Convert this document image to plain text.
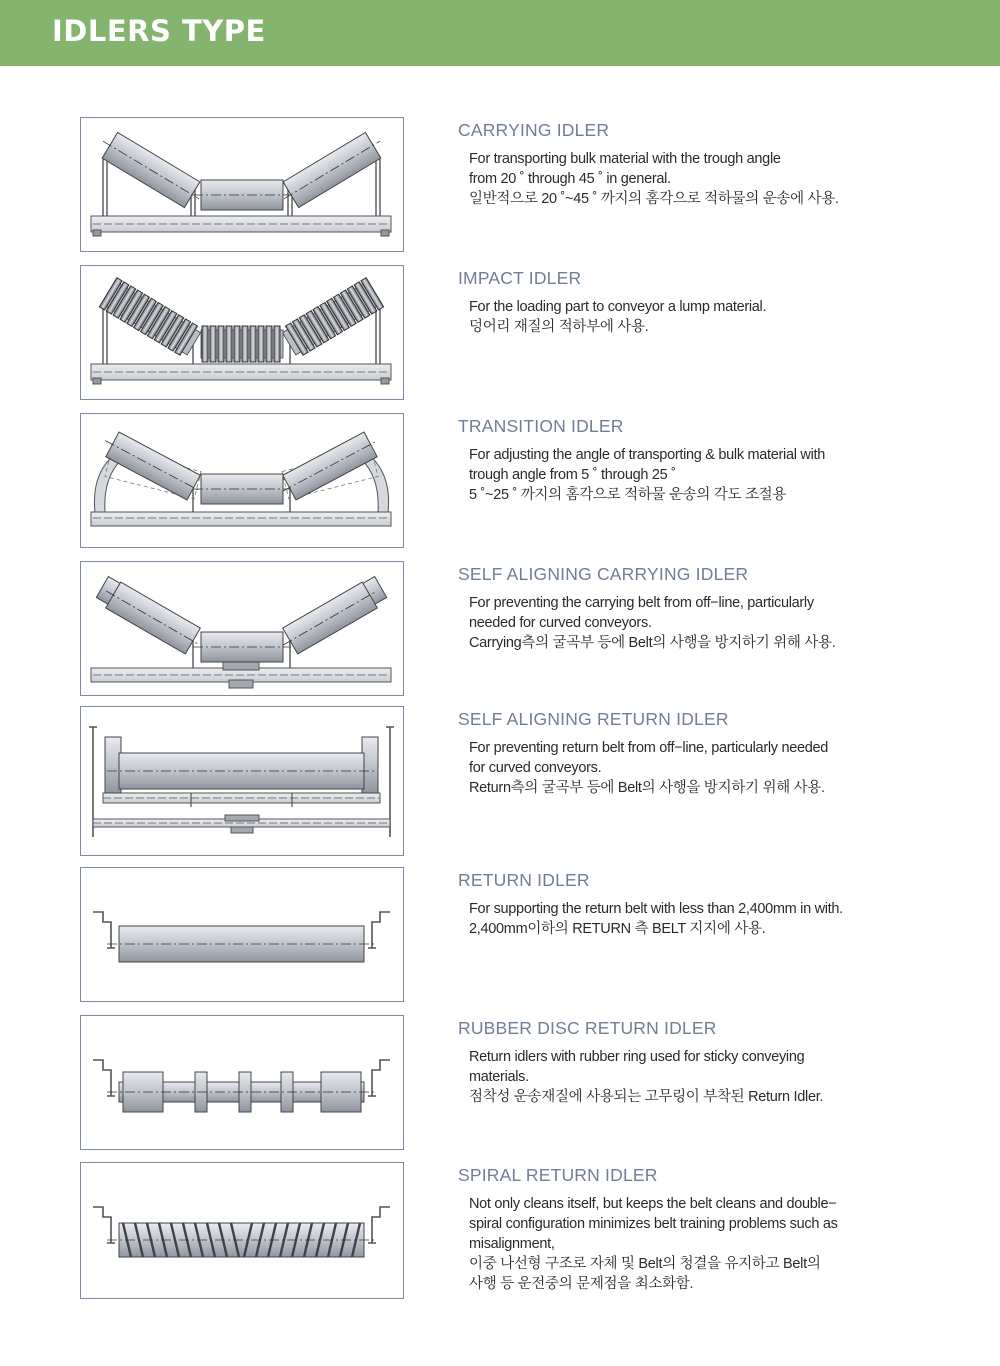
IDLERS TYPE
CARRYING IDLER

For transporting bulk material with the trough angle

from 20 ˚ through 45 ˚ in general.

일반적으로 20 ˚~45 ˚ 까지의 홈각으로 적하물의 운송에 사용.

IMPACT IDLER

For the loading part to conveyor a lump material.

덩어리 재질의 적하부에 사용.

TRANSITION IDLER

For adjusting the angle of transporting & bulk material with

trough angle from 5 ˚ through 25 ˚

5 ˚~25 ˚ 까지의 홈각으로 적하물 운송의 각도 조절용

SELF ALIGNING CARRYING IDLER

For preventing the carrying belt from off−line, particularly

needed for curved conveyors.

Carrying측의 굴곡부 등에 Belt의 사행을 방지하기 위해 사용.

SELF ALIGNING RETURN IDLER

For preventing return belt from off−line, particularly needed

for curved conveyors.

Return측의 굴곡부 등에 Belt의 사행을 방지하기 위해 사용.

RETURN IDLER

For supporting the return belt with less than 2,400mm in with.

2,400mm이하의 RETURN 측 BELT 지지에 사용.

RUBBER DISC RETURN IDLER

Return idlers with rubber ring used for sticky conveying

materials.

점착성 운송재질에 사용되는 고무링이 부착된 Return Idler.

SPIRAL RETURN IDLER

Not only cleans itself, but keeps the belt cleans and double−

spiral configuration minimizes belt training problems such as

misalignment,

이중 나선형 구조로 자체 및 Belt의 청결을 유지하고 Belt의

사행 등 운전중의 문제점을 최소화함.
